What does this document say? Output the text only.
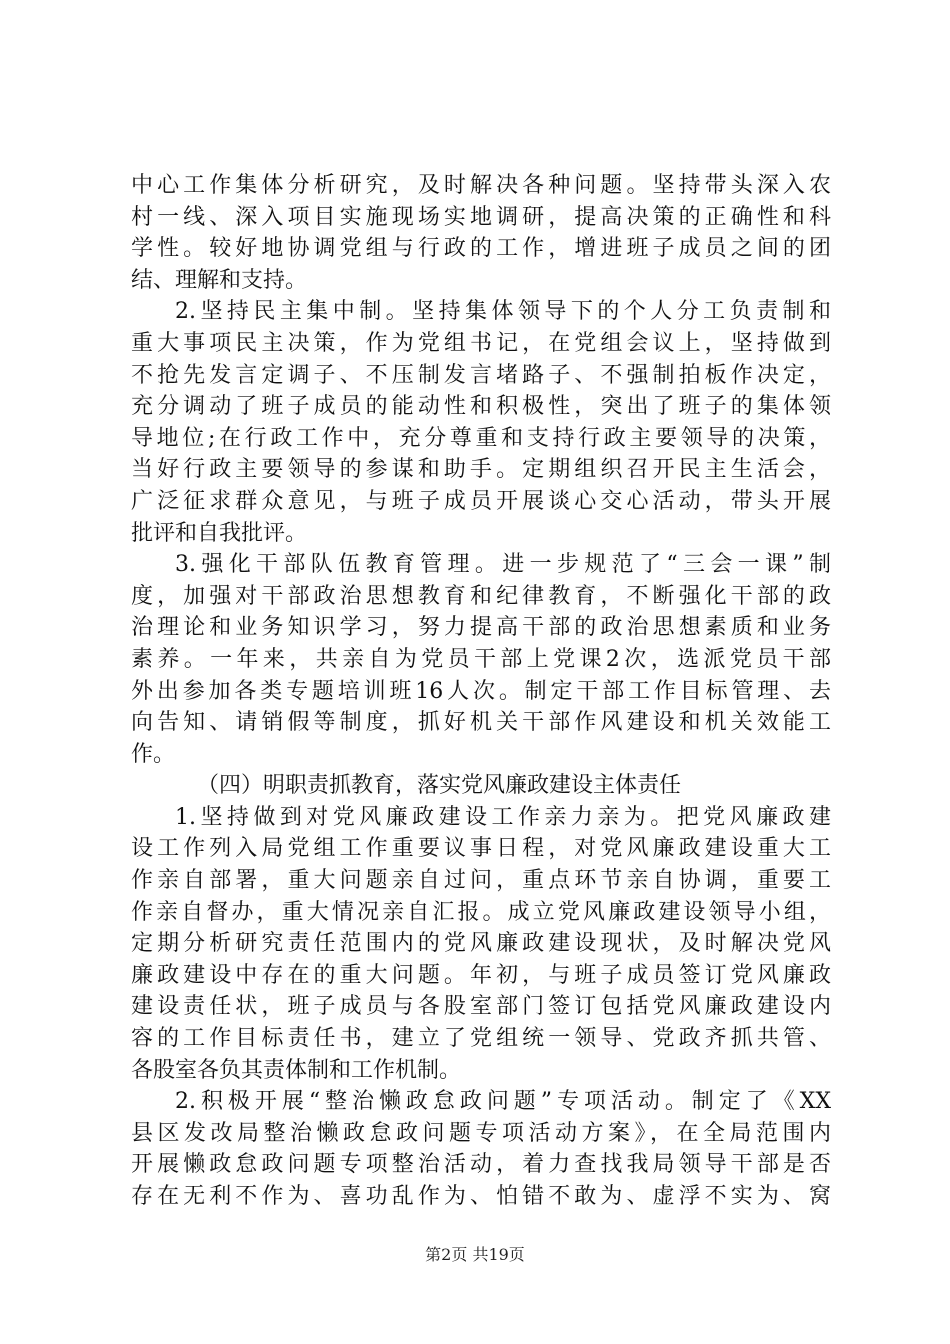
中心工作集体分析研究，及时解决各种问题。坚持带头深入农
村一线、深入项目实施现场实地调研，提高决策的正确性和科
学性。较好地协调党组与行政的工作，增进班子成员之间的团
结、理解和支持。
2.坚持民主集中制。坚持集体领导下的个人分工负责制和
重大事项民主决策，作为党组书记，在党组会议上，坚持做到
不抢先发言定调子、不压制发言堵路子、不强制拍板作决定，
充分调动了班子成员的能动性和积极性，突出了班子的集体领
导地位;在行政工作中，充分尊重和支持行政主要领导的决策，
当好行政主要领导的参谋和助手。定期组织召开民主生活会，
广泛征求群众意见，与班子成员开展谈心交心活动，带头开展
批评和自我批评。
3.强化干部队伍教育管理。进一步规范了“三会一课”制
度，加强对干部政治思想教育和纪律教育，不断强化干部的政
治理论和业务知识学习，努力提高干部的政治思想素质和业务
素养。一年来，共亲自为党员干部上党课2次，选派党员干部
外出参加各类专题培训班16人次。制定干部工作目标管理、去
向告知、请销假等制度，抓好机关干部作风建设和机关效能工
作。
（四）明职责抓教育，落实党风廉政建设主体责任
1.坚持做到对党风廉政建设工作亲力亲为。把党风廉政建
设工作列入局党组工作重要议事日程，对党风廉政建设重大工
作亲自部署，重大问题亲自过问，重点环节亲自协调，重要工
作亲自督办，重大情况亲自汇报。成立党风廉政建设领导小组，
定期分析研究责任范围内的党风廉政建设现状，及时解决党风
廉政建设中存在的重大问题。年初，与班子成员签订党风廉政
建设责任状，班子成员与各股室部门签订包括党风廉政建设内
容的工作目标责任书，建立了党组统一领导、党政齐抓共管、
各股室各负其责体制和工作机制。
2.积极开展“整治懒政怠政问题”专项活动。制定了《XX
县区发改局整治懒政怠政问题专项活动方案》，在全局范围内
开展懒政怠政问题专项整治活动，着力查找我局领导干部是否
存在无利不作为、喜功乱作为、怕错不敢为、虚浮不实为、窝
第2页 共19页
